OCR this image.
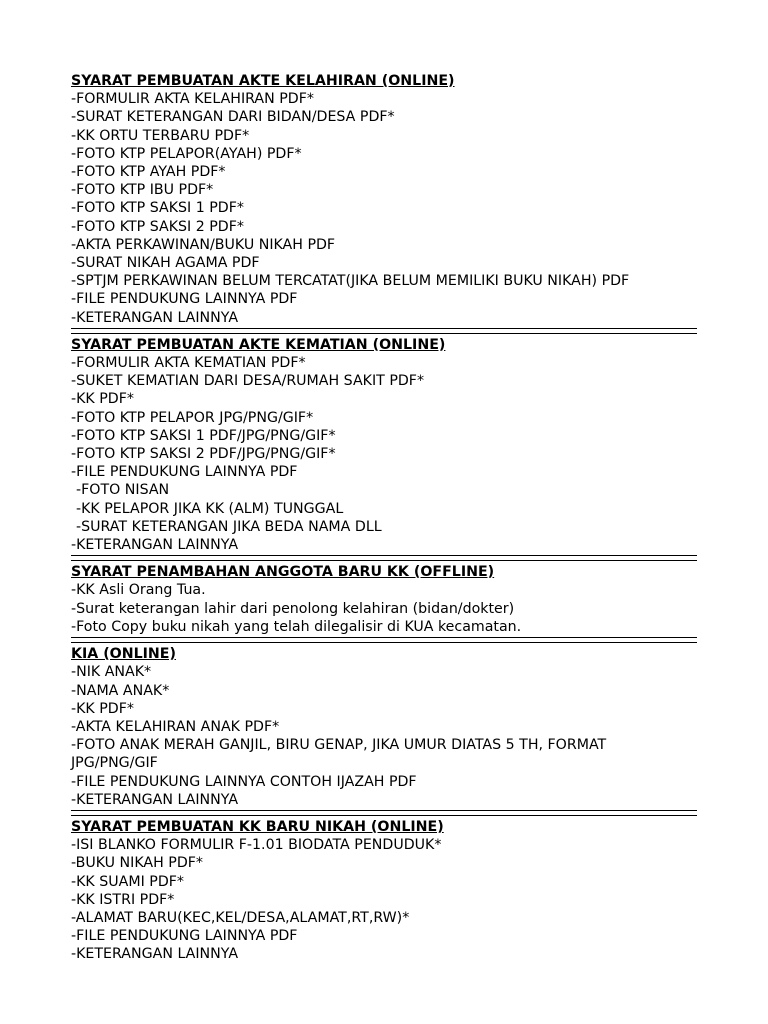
SYARAT PEMBUATAN AKTE KELAHIRAN (ONLINE)
-FORMULIR AKTA KELAHIRAN PDF*
-SURAT KETERANGAN DARI BIDAN/DESA PDF*
-KK ORTU TERBARU PDF*
-FOTO KTP PELAPOR(AYAH) PDF*
-FOTO KTP AYAH PDF*
-FOTO KTP IBU PDF*
-FOTO KTP SAKSI 1 PDF*
-FOTO KTP SAKSI 2 PDF*
-AKTA PERKAWINAN/BUKU NIKAH PDF
-SURAT NIKAH AGAMA PDF
-SPTJM PERKAWINAN BELUM TERCATAT(JIKA BELUM MEMILIKI BUKU NIKAH) PDF
-FILE PENDUKUNG LAINNYA PDF
-KETERANGAN LAINNYA
SYARAT PEMBUATAN AKTE KEMATIAN (ONLINE)
-FORMULIR AKTA KEMATIAN PDF*
-SUKET KEMATIAN DARI DESA/RUMAH SAKIT PDF*
-KK PDF*
-FOTO KTP PELAPOR JPG/PNG/GIF*
-FOTO KTP SAKSI 1 PDF/JPG/PNG/GIF*
-FOTO KTP SAKSI 2 PDF/JPG/PNG/GIF*
-FILE PENDUKUNG LAINNYA PDF
-FOTO NISAN
-KK PELAPOR JIKA KK (ALM) TUNGGAL
-SURAT KETERANGAN JIKA BEDA NAMA DLL
-KETERANGAN LAINNYA
SYARAT PENAMBAHAN ANGGOTA BARU KK (OFFLINE)
-KK Asli Orang Tua.
-Surat keterangan lahir dari penolong kelahiran (bidan/dokter)
-Foto Copy buku nikah yang telah dilegalisir di KUA kecamatan.
KIA (ONLINE)
-NIK ANAK*
-NAMA ANAK*
-KK PDF*
-AKTA KELAHIRAN ANAK PDF*
-FOTO ANAK MERAH GANJIL, BIRU GENAP, JIKA UMUR DIATAS 5 TH, FORMAT JPG/PNG/GIF
-FILE PENDUKUNG LAINNYA CONTOH IJAZAH PDF
-KETERANGAN LAINNYA
SYARAT PEMBUATAN KK BARU NIKAH (ONLINE)
-ISI BLANKO FORMULIR F-1.01 BIODATA PENDUDUK*
-BUKU NIKAH PDF*
-KK SUAMI PDF*
-KK ISTRI PDF*
-ALAMAT BARU(KEC,KEL/DESA,ALAMAT,RT,RW)*
-FILE PENDUKUNG LAINNYA PDF
-KETERANGAN LAINNYA
